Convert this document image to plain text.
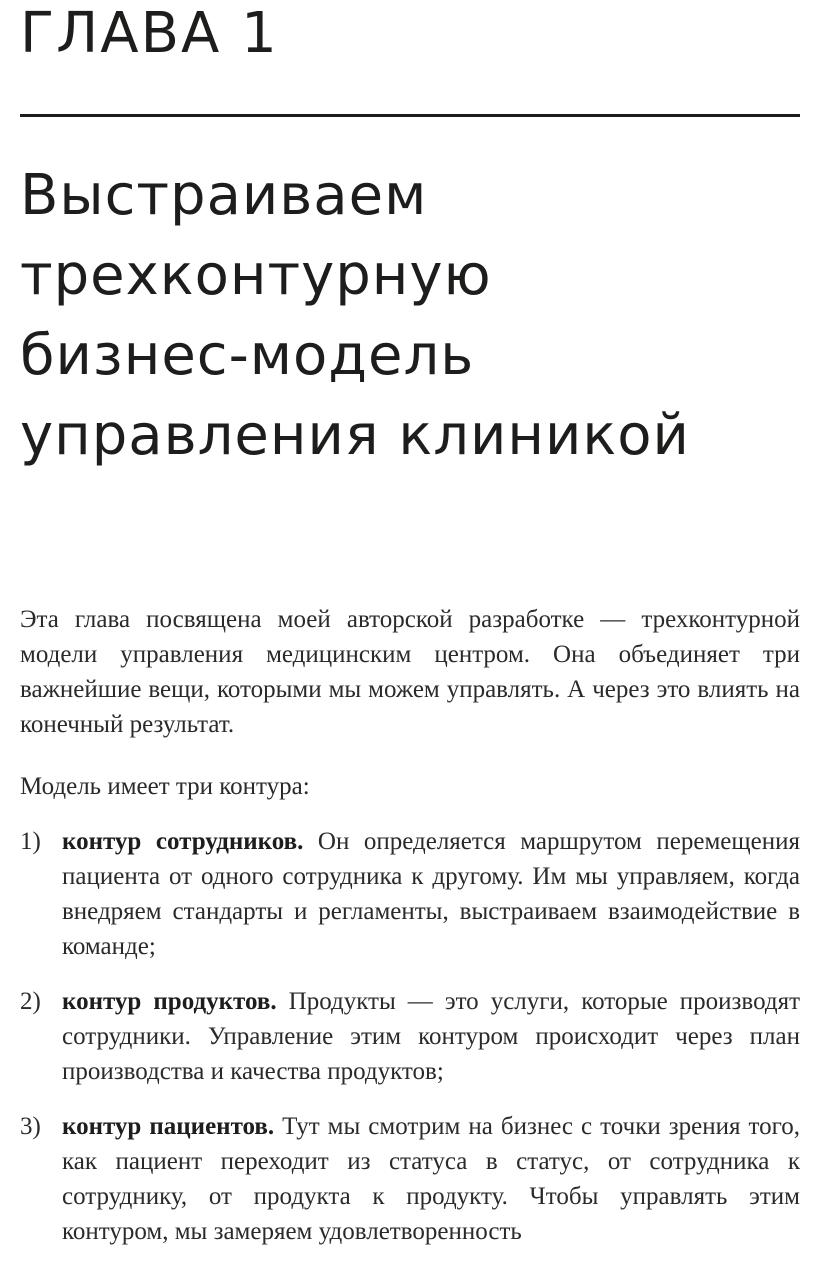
ГЛАВА 1
Выстраиваем
трехконтурную
бизнес-модель
управления клиникой

Эта глава посвящена моей авторской разработке — трехконтурной модели управления медицинским центром. Она объединяет три важнейшие вещи, которыми мы можем управлять. А через это влиять на конечный результат.

Модель имеет три контура:

1) контур сотрудников. Он определяется маршрутом перемещения пациента от одного сотрудника к другому. Им мы управляем, когда внедряем стандарты и регламенты, выстраиваем взаимодействие в команде;
2) контур продуктов. Продукты — это услуги, которые производят сотрудники. Управление этим контуром происходит через план производства и качества продуктов;
3) контур пациентов. Тут мы смотрим на бизнес с точки зрения того, как пациент переходит из статуса в статус, от сотрудника к сотруднику, от продукта к продукту. Чтобы управлять этим контуром, мы замеряем удовлетворенность
